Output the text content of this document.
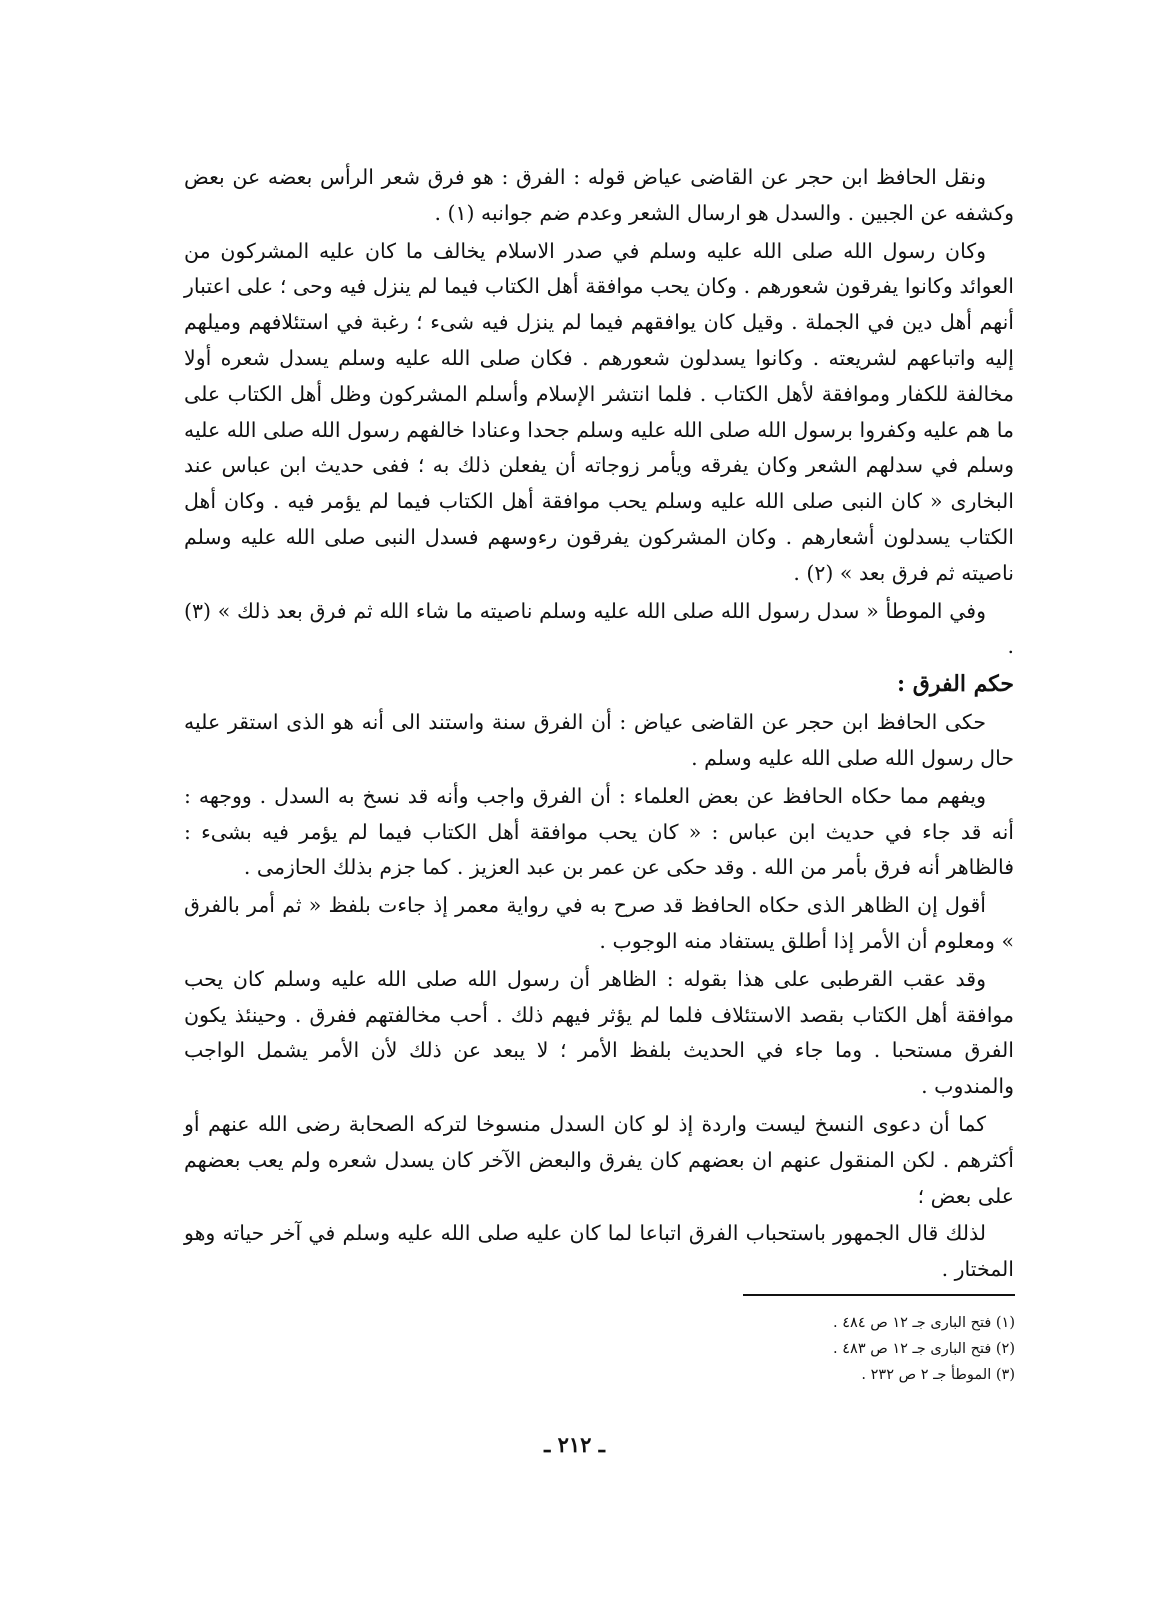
ونقل الحافظ ابن حجر عن القاضى عياض قوله : الفرق : هو فرق شعر الرأس بعضه عن بعض وكشفه عن الجبين . والسدل هو ارسال الشعر وعدم ضم جوانبه (١) .

وكان رسول الله صلى الله عليه وسلم في صدر الاسلام يخالف ما كان عليه المشركون من العوائد وكانوا يفرقون شعورهم . وكان يحب موافقة أهل الكتاب فيما لم ينزل فيه وحى ؛ على اعتبار أنهم أهل دين في الجملة . وقيل كان يوافقهم فيما لم ينزل فيه شىء ؛ رغبة في استئلافهم وميلهم إليه واتباعهم لشريعته . وكانوا يسدلون شعورهم . فكان صلى الله عليه وسلم يسدل شعره أولا مخالفة للكفار وموافقة لأهل الكتاب . فلما انتشر الإسلام وأسلم المشركون وظل أهل الكتاب على ما هم عليه وكفروا برسول الله صلى الله عليه وسلم جحدا وعنادا خالفهم رسول الله صلى الله عليه وسلم في سدلهم الشعر وكان يفرقه ويأمر زوجاته أن يفعلن ذلك به ؛ ففى حديث ابن عباس عند البخارى « كان النبى صلى الله عليه وسلم يحب موافقة أهل الكتاب فيما لم يؤمر فيه . وكان أهل الكتاب يسدلون أشعارهم . وكان المشركون يفرقون رءوسهم فسدل النبى صلى الله عليه وسلم ناصيته ثم فرق بعد » (٢) .

وفي الموطأ « سدل رسول الله صلى الله عليه وسلم ناصيته ما شاء الله ثم فرق بعد ذلك » (٣) .

حكم الفرق :

حكى الحافظ ابن حجر عن القاضى عياض : أن الفرق سنة واستند الى أنه هو الذى استقر عليه حال رسول الله صلى الله عليه وسلم .

ويفهم مما حكاه الحافظ عن بعض العلماء : أن الفرق واجب وأنه قد نسخ به السدل . ووجهه : أنه قد جاء في حديث ابن عباس : « كان يحب موافقة أهل الكتاب فيما لم يؤمر فيه بشىء : فالظاهر أنه فرق بأمر من الله . وقد حكى عن عمر بن عبد العزيز . كما جزم بذلك الحازمى .

أقول إن الظاهر الذى حكاه الحافظ قد صرح به في رواية معمر إذ جاءت بلفظ « ثم أمر بالفرق » ومعلوم أن الأمر إذا أطلق يستفاد منه الوجوب .

وقد عقب القرطبى على هذا بقوله : الظاهر أن رسول الله صلى الله عليه وسلم كان يحب موافقة أهل الكتاب بقصد الاستئلاف فلما لم يؤثر فيهم ذلك . أحب مخالفتهم ففرق . وحينئذ يكون الفرق مستحبا . وما جاء في الحديث بلفظ الأمر ؛ لا يبعد عن ذلك لأن الأمر يشمل الواجب والمندوب .

كما أن دعوى النسخ ليست واردة إذ لو كان السدل منسوخا لتركه الصحابة رضى الله عنهم أو أكثرهم . لكن المنقول عنهم ان بعضهم كان يفرق والبعض الآخر كان يسدل شعره ولم يعب بعضهم على بعض ؛

لذلك قال الجمهور باستحباب الفرق اتباعا لما كان عليه صلى الله عليه وسلم في آخر حياته وهو المختار .

(١) فتح البارى جـ ١٢ ص ٤٨٤ .
(٢) فتح البارى جـ ١٢ ص ٤٨٣ .
(٣) الموطأ جـ ٢ ص ٢٣٢ .
ـ ٢١٢ ـ
